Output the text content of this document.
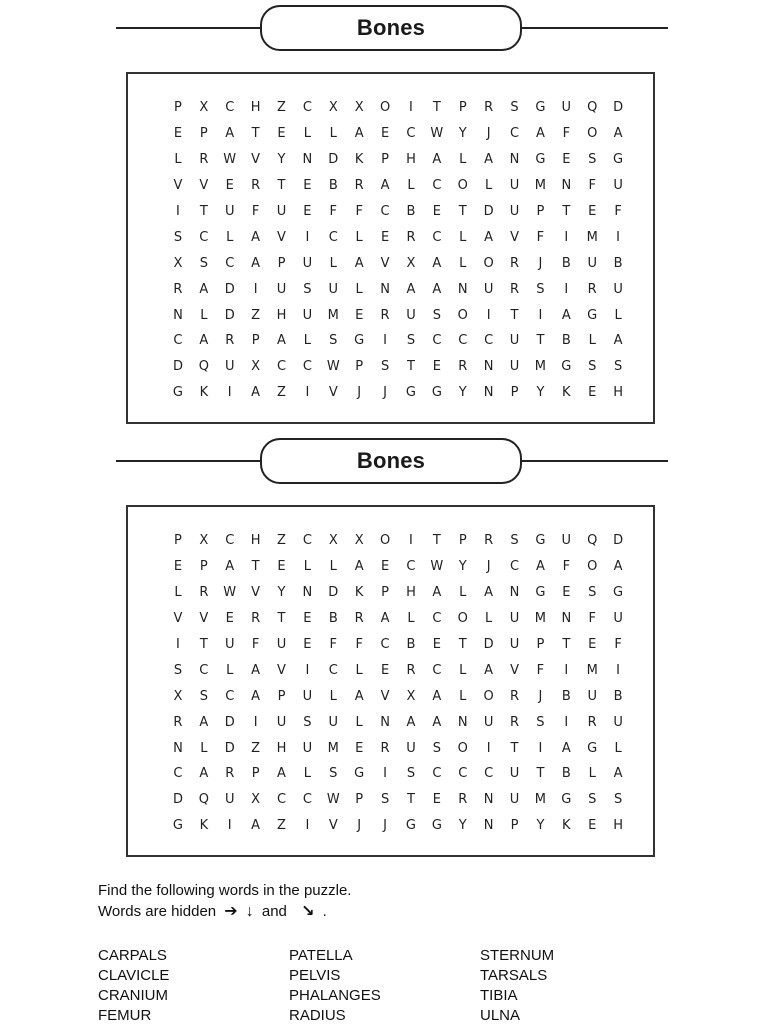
Bones
P	X	C	H	Z	C	X	X	O	I	T	P	R	S	G	U	Q	D
E	P	A	T	E	L	L	A	E	C	W	Y	J	C	A	F	O	A
L	R	W	V	Y	N	D	K	P	H	A	L	A	N	G	E	S	G
V	V	E	R	T	E	B	R	A	L	C	O	L	U	M	N	F	U
I	T	U	F	U	E	F	F	C	B	E	T	D	U	P	T	E	F
S	C	L	A	V	I	C	L	E	R	C	L	A	V	F	I	M	I
X	S	C	A	P	U	L	A	V	X	A	L	O	R	J	B	U	B
R	A	D	I	U	S	U	L	N	A	A	N	U	R	S	I	R	U
N	L	D	Z	H	U	M	E	R	U	S	O	I	T	I	A	G	L
C	A	R	P	A	L	S	G	I	S	C	C	C	U	T	B	L	A
D	Q	U	X	C	C	W	P	S	T	E	R	N	U	M	G	S	S
G	K	I	A	Z	I	V	J	J	G	G	Y	N	P	Y	K	E	H
Bones
P	X	C	H	Z	C	X	X	O	I	T	P	R	S	G	U	Q	D
E	P	A	T	E	L	L	A	E	C	W	Y	J	C	A	F	O	A
L	R	W	V	Y	N	D	K	P	H	A	L	A	N	G	E	S	G
V	V	E	R	T	E	B	R	A	L	C	O	L	U	M	N	F	U
I	T	U	F	U	E	F	F	C	B	E	T	D	U	P	T	E	F
S	C	L	A	V	I	C	L	E	R	C	L	A	V	F	I	M	I
X	S	C	A	P	U	L	A	V	X	A	L	O	R	J	B	U	B
R	A	D	I	U	S	U	L	N	A	A	N	U	R	S	I	R	U
N	L	D	Z	H	U	M	E	R	U	S	O	I	T	I	A	G	L
C	A	R	P	A	L	S	G	I	S	C	C	C	U	T	B	L	A
D	Q	U	X	C	C	W	P	S	T	E	R	N	U	M	G	S	S
G	K	I	A	Z	I	V	J	J	G	G	Y	N	P	Y	K	E	H
Find the following words in the puzzle.
Words are hidden ➔ ↓ and ↘ .
CARPALS
CLAVICLE
CRANIUM
FEMUR
PATELLA
PELVIS
PHALANGES
RADIUS
STERNUM
TARSALS
TIBIA
ULNA
